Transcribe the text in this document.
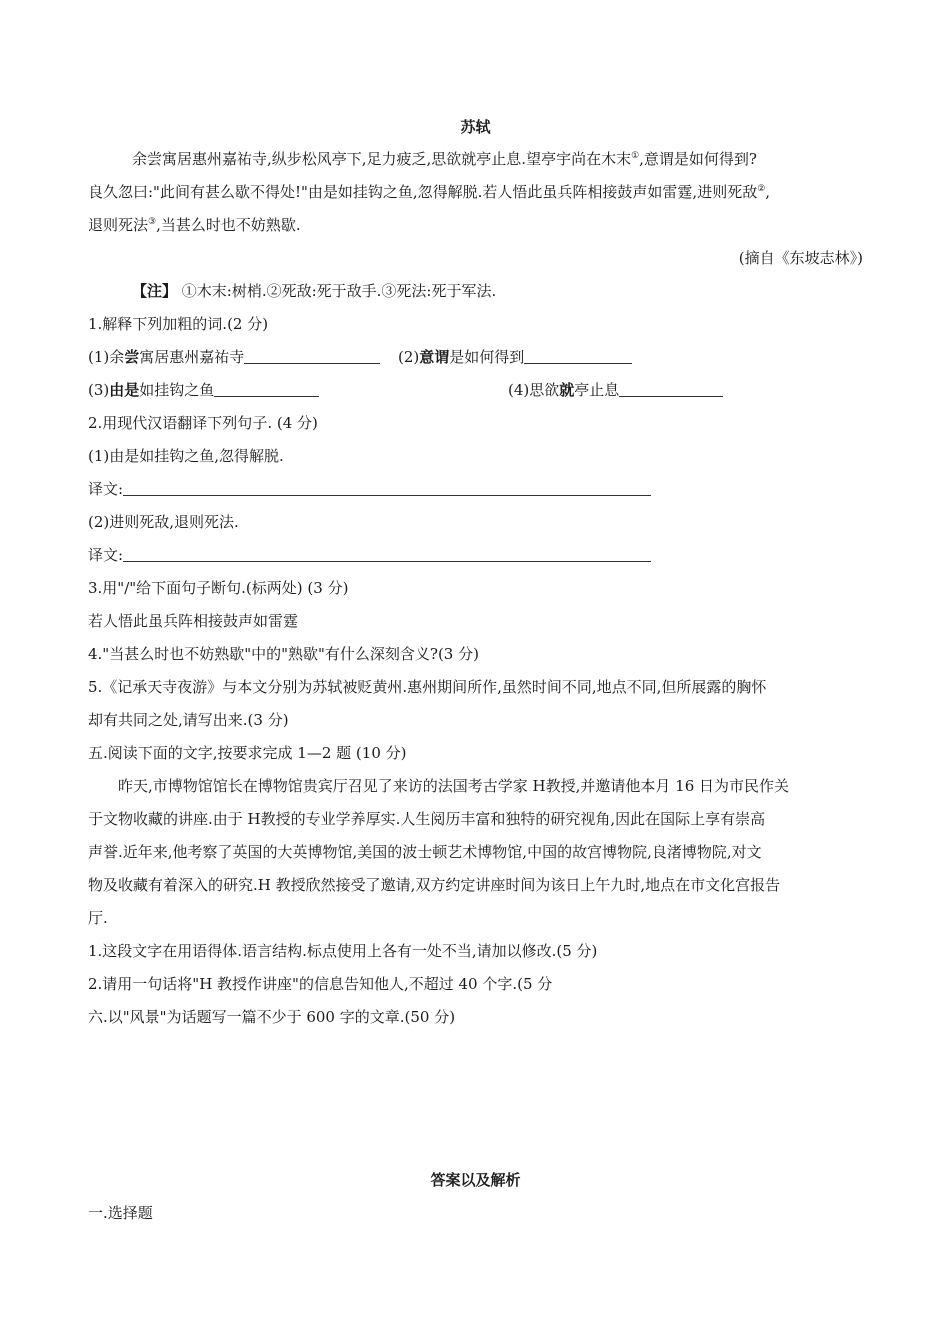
苏轼
余尝寓居惠州嘉祐寺,纵步松风亭下,足力疲乏,思欲就亭止息.望亭宇尚在木末①,意谓是如何得到?
良久忽曰:"此间有甚么歇不得处!"由是如挂钩之鱼,忽得解脱.若人悟此虽兵阵相接鼓声如雷霆,进则死敌②,
退则死法③,当甚么时也不妨熟歇.
(摘自《东坡志林》)
【注】 ①木末:树梢.②死敌:死于敌手.③死法:死于军法.
1.解释下列加粗的词.(2 分)
(1)余尝寓居惠州嘉祐寺	(2)意谓是如何得到
(3)由是如挂钩之鱼	(4)思欲就亭止息
2.用现代汉语翻译下列句子. (4 分)
(1)由是如挂钩之鱼,忽得解脱.
译文:
(2)进则死敌,退则死法.
译文:
3.用"/"给下面句子断句.(标两处) (3 分)
若人悟此虽兵阵相接鼓声如雷霆
4."当甚么时也不妨熟歇"中的"熟歇"有什么深刻含义?(3 分)
5.《记承天寺夜游》与本文分别为苏轼被贬黄州.惠州期间所作,虽然时间不同,地点不同,但所展露的胸怀
却有共同之处,请写出来.(3 分)
五.阅读下面的文字,按要求完成 1—2 题 (10 分)
昨天,市博物馆馆长在博物馆贵宾厅召见了来访的法国考古学家 H教授,并邀请他本月 16 日为市民作关
于文物收藏的讲座.由于 H教授的专业学养厚实.人生阅历丰富和独特的研究视角,因此在国际上享有崇高
声誉.近年来,他考察了英国的大英博物馆,美国的波士顿艺术博物馆,中国的故宫博物院,良渚博物院,对文
物及收藏有着深入的研究.H 教授欣然接受了邀请,双方约定讲座时间为该日上午九时,地点在市文化宫报告
厅.
1.这段文字在用语得体.语言结构.标点使用上各有一处不当,请加以修改.(5 分)
2.请用一句话将"H 教授作讲座"的信息告知他人,不超过 40 个字.(5 分
六.以"风景"为话题写一篇不少于 600 字的文章.(50 分)
答案以及解析
一.选择题
